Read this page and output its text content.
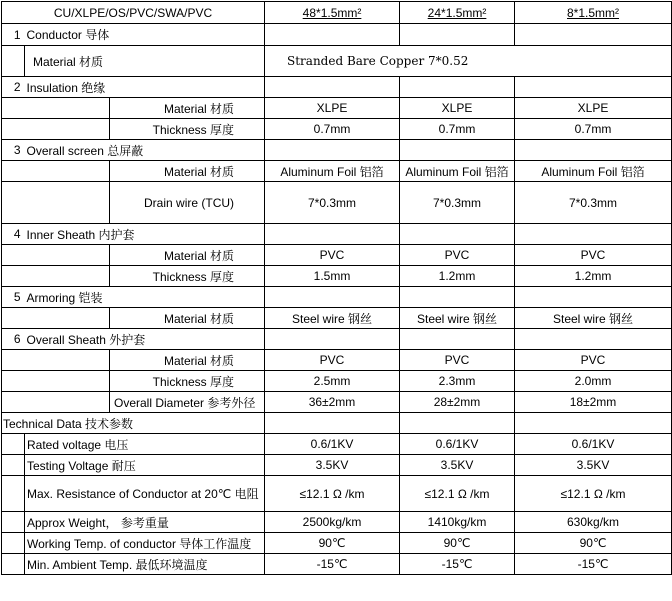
CU/XLPE/OS/PVC/SWA/PVC			48*1.5mm²	24*1.5mm²	8*1.5mm²
1	Conductor 导体				
	Material 材质		Stranded Bare Copper 7*0.52		
2	Insulation 绝缘				
		Material 材质	XLPE	XLPE	XLPE
		Thickness 厚度	0.7mm	0.7mm	0.7mm
3	Overall screen 总屏蔽				
		Material 材质	Aluminum Foil 铝箔	Aluminum Foil 铝箔	Aluminum Foil 铝箔
		Drain wire (TCU)	7*0.3mm	7*0.3mm	7*0.3mm
4	Inner Sheath 内护套				
		Material 材质	PVC	PVC	PVC
		Thickness 厚度	1.5mm	1.2mm	1.2mm
5	Armoring 铠装				
		Material 材质	Steel wire 钢丝	Steel wire 钢丝	Steel wire 钢丝
6	Overall Sheath 外护套				
		Material 材质	PVC	PVC	PVC
		Thickness 厚度	2.5mm	2.3mm	2.0mm
		Overall Diameter 参考外径	36±2mm	28±2mm	18±2mm
Technical Data 技术参数					
	Rated voltage 电压		0.6/1KV	0.6/1KV	0.6/1KV
	Testing Voltage 耐压		3.5KV	3.5KV	3.5KV
	Max. Resistance of Conductor at 20℃ 电阻		≤12.1 Ω /km	≤12.1 Ω /km	≤12.1 Ω /km
	Approx Weight， 参考重量		2500kg/km	1410kg/km	630kg/km
	Working Temp. of conductor 导体工作温度		90℃	90℃	90℃
	Min. Ambient Temp. 最低环境温度		-15℃	-15℃	-15℃
